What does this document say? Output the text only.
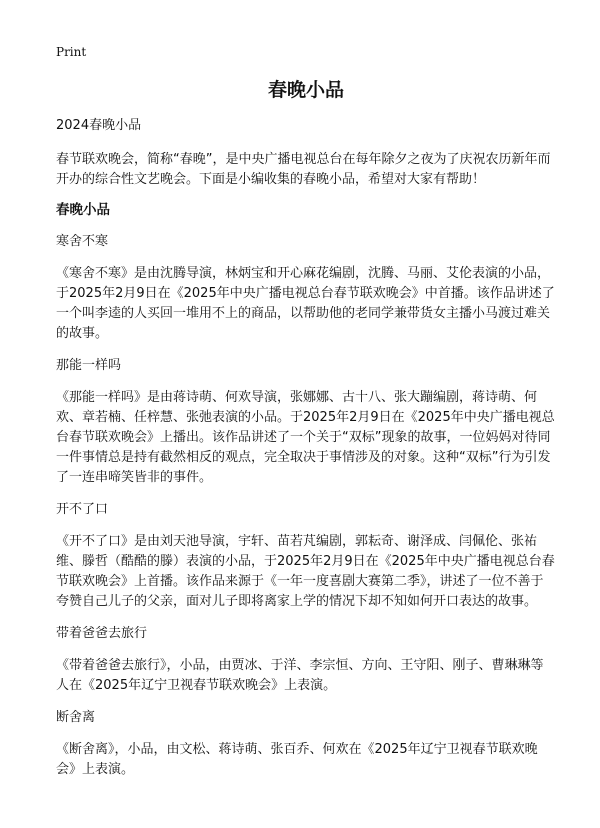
Print
春晚小品

2024春晚小品

春节联欢晚会，简称“春晚”，是中央广播电视总台在每年除夕之夜为了庆祝农历新年而开办的综合性文艺晚会。下面是小编收集的春晚小品，希望对大家有帮助！

春晚小品

寒舍不寒

《寒舍不寒》是由沈腾导演，林炳宝和开心麻花编剧，沈腾、马丽、艾伦表演的小品，于2025年2月9日在《2025年中央广播电视总台春节联欢晚会》中首播。该作品讲述了一个叫李逵的人买回一堆用不上的商品，以帮助他的老同学兼带货女主播小马渡过难关的故事。

那能一样吗

《那能一样吗》是由蒋诗萌、何欢导演，张娜娜、古十八、张大蹦编剧，蒋诗萌、何欢、章若楠、任梓慧、张弛表演的小品。于2025年2月9日在《2025年中央广播电视总台春节联欢晚会》上播出。该作品讲述了一个关于“双标”现象的故事，一位妈妈对待同一件事情总是持有截然相反的观点，完全取决于事情涉及的对象。这种“双标”行为引发了一连串啼笑皆非的事件。

开不了口

《开不了口》是由刘天池导演，宇轩、苗若芃编剧，郭耘奇、谢泽成、闫佩伦、张祐维、滕哲（酷酷的滕）表演的小品，于2025年2月9日在《2025年中央广播电视总台春节联欢晚会》上首播。该作品来源于《一年一度喜剧大赛第二季》，讲述了一位不善于夸赞自己儿子的父亲，面对儿子即将离家上学的情况下却不知如何开口表达的故事。

带着爸爸去旅行

《带着爸爸去旅行》，小品，由贾冰、于洋、李宗恒、方向、王守阳、刚子、曹琳琳等人在《2025年辽宁卫视春节联欢晚会》上表演。

断舍离

《断舍离》，小品，由文松、蒋诗萌、张百乔、何欢在《2025年辽宁卫视春节联欢晚会》上表演。
